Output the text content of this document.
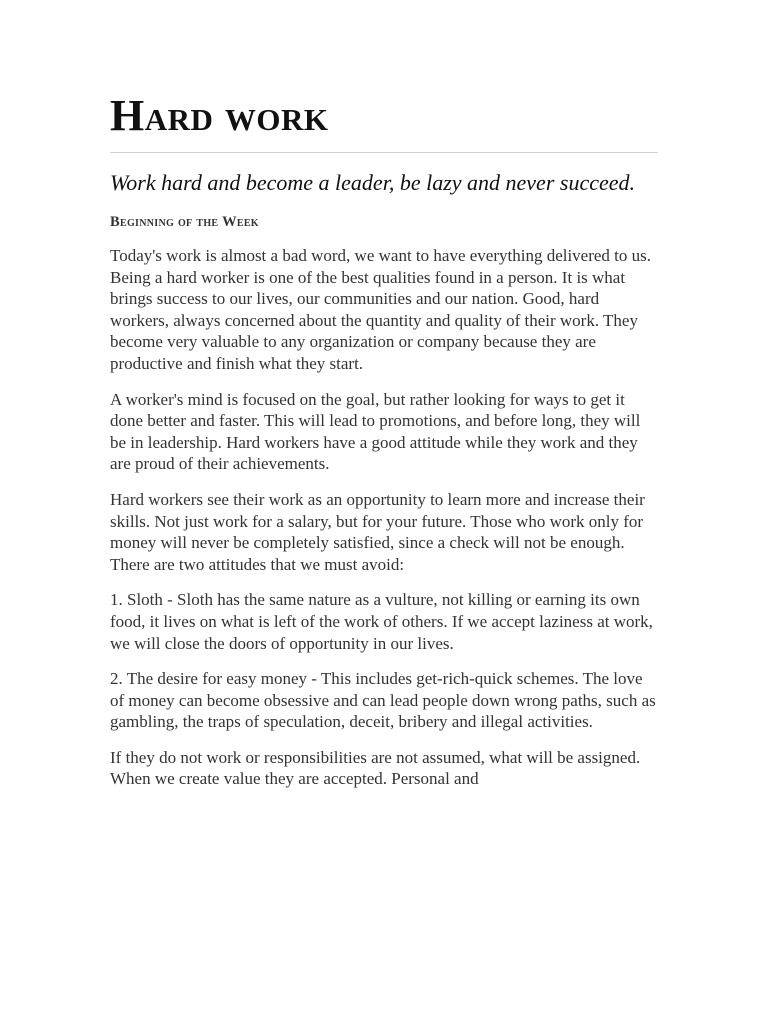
Hard work
Work hard and become a leader, be lazy and never succeed.
Beginning of the Week

Today's work is almost a bad word, we want to have everything delivered to us. Being a hard worker is one of the best qualities found in a person. It is what brings success to our lives, our communities and our nation. Good, hard workers, always concerned about the quantity and quality of their work. They become very valuable to any organization or company because they are productive and finish what they start.

A worker's mind is focused on the goal, but rather looking for ways to get it done better and faster. This will lead to promotions, and before long, they will be in leadership. Hard workers have a good attitude while they work and they are proud of their achievements.

Hard workers see their work as an opportunity to learn more and increase their skills. Not just work for a salary, but for your future. Those who work only for money will never be completely satisfied, since a check will not be enough. There are two attitudes that we must avoid:

1. Sloth - Sloth has the same nature as a vulture, not killing or earning its own food, it lives on what is left of the work of others. If we accept laziness at work, we will close the doors of opportunity in our lives.

2. The desire for easy money - This includes get-rich-quick schemes. The love of money can become obsessive and can lead people down wrong paths, such as gambling, the traps of speculation, deceit, bribery and illegal activities.

If they do not work or responsibilities are not assumed, what will be assigned. When we create value they are accepted. Personal and
